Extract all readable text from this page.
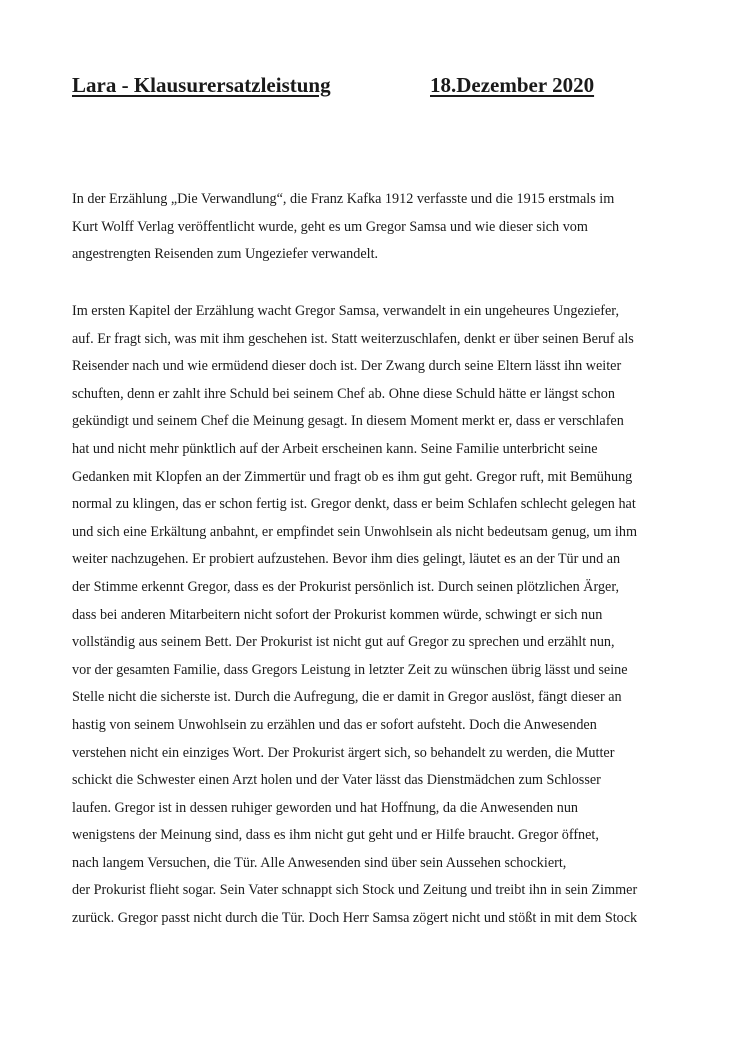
Lara - Klausurersatzleistung	18.Dezember 2020
In der Erzählung „Die Verwandlung“, die Franz Kafka 1912 verfasste und die 1915 erstmals im
Kurt Wolff Verlag veröffentlicht wurde, geht es um Gregor Samsa und wie dieser sich vom
angestrengten Reisenden zum Ungeziefer verwandelt.
Im ersten Kapitel der Erzählung wacht Gregor Samsa, verwandelt in ein ungeheures Ungeziefer,
auf. Er fragt sich, was mit ihm geschehen ist. Statt weiterzuschlafen, denkt er über seinen Beruf als
Reisender nach und wie ermüdend dieser doch ist. Der Zwang durch seine Eltern lässt ihn weiter
schuften, denn er zahlt ihre Schuld bei seinem Chef ab. Ohne diese Schuld hätte er längst schon
gekündigt und seinem Chef die Meinung gesagt. In diesem Moment merkt er, dass er verschlafen
hat und nicht mehr pünktlich auf der Arbeit erscheinen kann. Seine Familie unterbricht seine
Gedanken mit Klopfen an der Zimmertür und fragt ob es ihm gut geht. Gregor ruft, mit Bemühung
normal zu klingen, das er schon fertig ist. Gregor denkt, dass er beim Schlafen schlecht gelegen hat
und sich eine Erkältung anbahnt, er empfindet sein Unwohlsein als nicht bedeutsam genug, um ihm
weiter nachzugehen. Er probiert aufzustehen. Bevor ihm dies gelingt, läutet es an der Tür und an
der Stimme erkennt Gregor, dass es der Prokurist persönlich ist. Durch seinen plötzlichen Ärger,
dass bei anderen Mitarbeitern nicht sofort der Prokurist kommen würde, schwingt er sich nun
vollständig aus seinem Bett. Der Prokurist ist nicht gut auf Gregor zu sprechen und erzählt nun,
vor der gesamten Familie, dass Gregors Leistung in letzter Zeit zu wünschen übrig lässt und seine
Stelle nicht die sicherste ist. Durch die Aufregung, die er damit in Gregor auslöst, fängt dieser an
hastig von seinem Unwohlsein zu erzählen und das er sofort aufsteht. Doch die Anwesenden
verstehen nicht ein einziges Wort. Der Prokurist ärgert sich, so behandelt zu werden, die Mutter
schickt die Schwester einen Arzt holen und der Vater lässt das Dienstmädchen zum Schlosser
laufen. Gregor ist in dessen ruhiger geworden und hat Hoffnung, da die Anwesenden nun
wenigstens der Meinung sind, dass es ihm nicht gut geht und er Hilfe braucht. Gregor öffnet,
nach langem Versuchen, die Tür. Alle Anwesenden sind über sein Aussehen schockiert,
der Prokurist flieht sogar. Sein Vater schnappt sich Stock und Zeitung und treibt ihn in sein Zimmer
zurück. Gregor passt nicht durch die Tür. Doch Herr Samsa zögert nicht und stößt in mit dem Stock
